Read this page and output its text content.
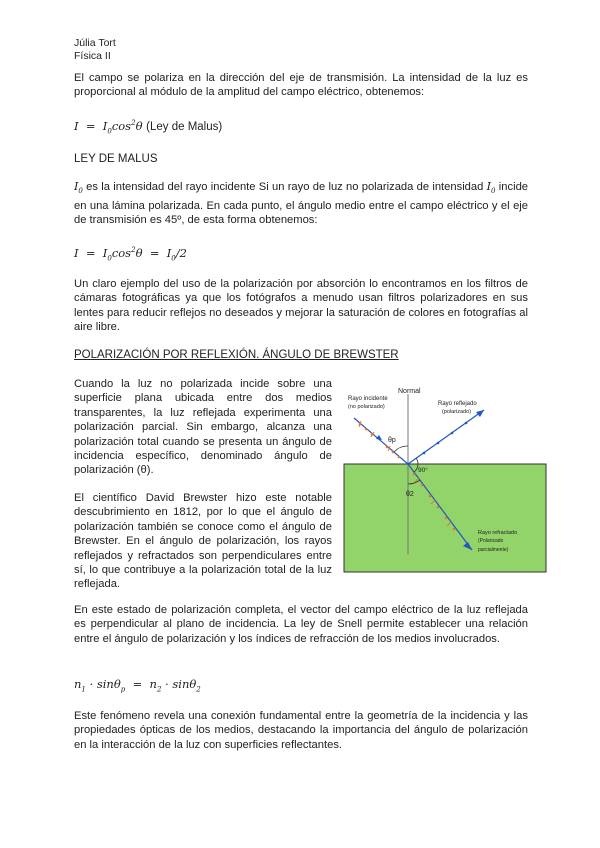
Júlia Tort
Física II

El campo se polariza en la dirección del eje de transmisión. La intensidad de la luz es proporcional al módulo de la amplitud del campo eléctrico, obtenemos:

$I = I_0\cos^2\theta$ (Ley de Malus)
LEY DE MALUS

$I_0$ es la intensidad del rayo incidente Si un rayo de luz no polarizada de intensidad $I_0$ incide en una lámina polarizada. En cada punto, el ángulo medio entre el campo eléctrico y el eje de transmisión es 45º, de esta forma obtenemos:

$I = I_0\cos^2\theta = I_0/2$

Un claro ejemplo del uso de la polarización por absorción lo encontramos en los filtros de cámaras fotográficas ya que los fotógrafos a menudo usan filtros polarizadores en sus lentes para reducir reflejos no deseados y mejorar la saturación de colores en fotografías al aire libre.

POLARIZACIÓN POR REFLEXIÓN. ÁNGULO DE BREWSTER

Cuando la luz no polarizada incide sobre una superficie plana ubicada entre dos medios transparentes, la luz reflejada experimenta una polarización parcial. Sin embargo, alcanza una polarización total cuando se presenta un ángulo de incidencia específico, denominado ángulo de polarización (θ).

El científico David Brewster hizo este notable descubrimiento en 1812, por lo que el ángulo de polarización también se conoce como el ángulo de Brewster. En el ángulo de polarización, los rayos reflejados y refractados son perpendiculares entre sí, lo que contribuye a la polarización total de la luz reflejada.

Normal
Rayo incidente
(no polarizado)	Rayo reflejado
(polarizado)
Rayo refractado
(Polarizado
parcialmente)
θp
90°
θ2

En este estado de polarización completa, el vector del campo eléctrico de la luz reflejada es perpendicular al plano de incidencia. La ley de Snell permite establecer una relación entre el ángulo de polarización y los índices de refracción de los medios involucrados.

$n_1 \cdot \sin\theta_p = n_2 \cdot \sin\theta_2$

Este fenómeno revela una conexión fundamental entre la geometría de la incidencia y las propiedades ópticas de los medios, destacando la importancia del ángulo de polarización en la interacción de la luz con superficies reflectantes.
